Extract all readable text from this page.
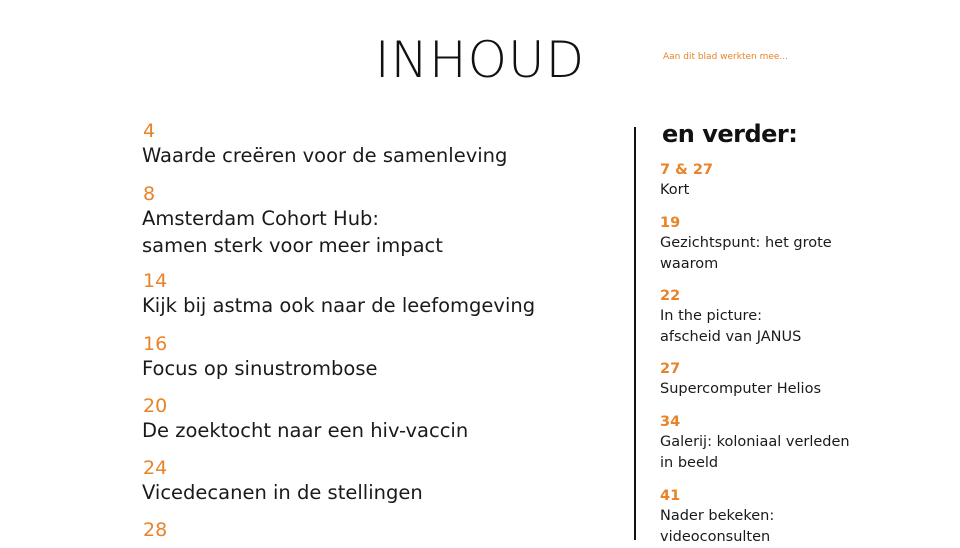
INHOUD	Aan dit blad werkten mee...
4
Waarde creëren voor de samenleving
8
Amsterdam Cohort Hub:
samen sterk voor meer impact
14
Kijk bij astma ook naar de leefomgeving
16
Focus op sinustrombose
20
De zoektocht naar een hiv-vaccin
24
Vicedecanen in de stellingen
28
en verder:
7 & 27
Kort
19
Gezichtspunt: het grote
waarom
22
In the picture:
afscheid van JANUS
27
Supercomputer Helios
34
Galerij: koloniaal verleden
in beeld
41
Nader bekeken:
videoconsulten
